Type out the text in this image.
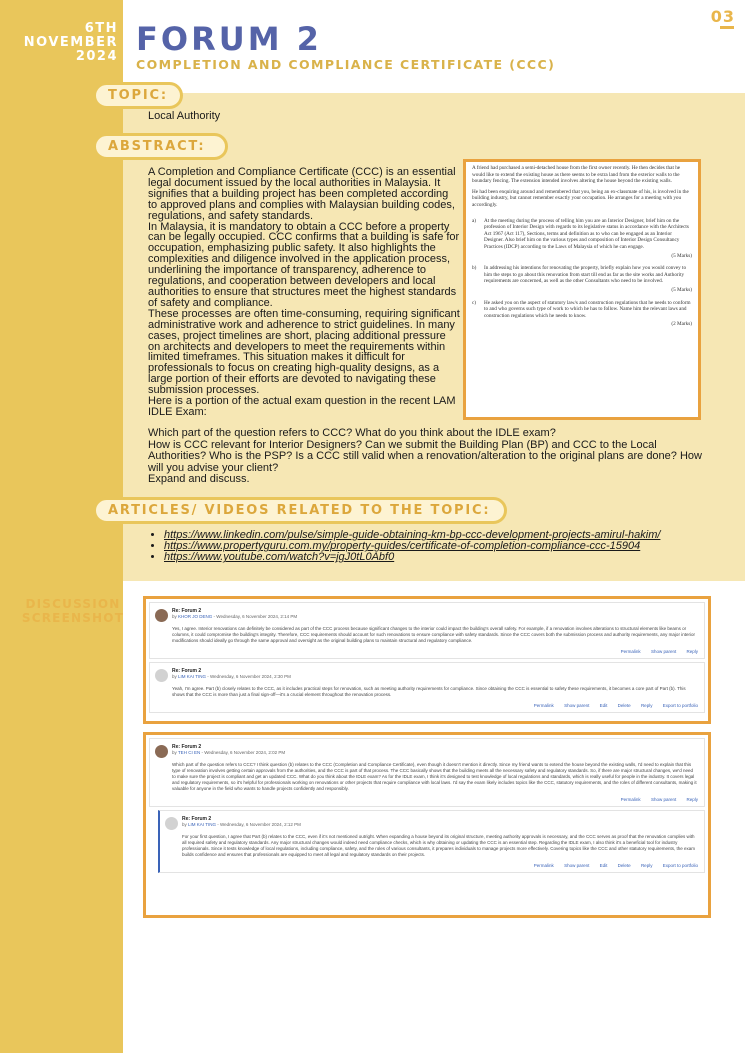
6TH
NOVEMBER
2024
03
FORUM 2
COMPLETION AND COMPLIANCE CERTIFICATE (CCC)
TOPIC:
Local Authority
ABSTRACT:

A Completion and Compliance Certificate (CCC) is an essential legal document issued by the local authorities in Malaysia. It signifies that a building project has been completed according to approved plans and complies with Malaysian building codes, regulations, and safety standards.

In Malaysia, it is mandatory to obtain a CCC before a property can be legally occupied. CCC confirms that a building is safe for occupation, emphasizing public safety. It also highlights the complexities and diligence involved in the application process, underlining the importance of transparency, adherence to regulations, and cooperation between developers and local authorities to ensure that structures meet the highest standards of safety and compliance.

These processes are often time-consuming, requiring significant administrative work and adherence to strict guidelines. In many cases, project timelines are short, placing additional pressure on architects and developers to meet the requirements within limited timeframes. This situation makes it difficult for professionals to focus on creating high-quality designs, as a large portion of their efforts are devoted to navigating these submission processes.

Here is a portion of the actual exam question in the recent LAM IDLE Exam:

A friend had purchased a semi-detached house from the first owner recently. He then decides that he would like to extend the existing house as there seems to be extra land from the exterior walls to the boundary fencing. The extension intended involves altering the house beyond the existing walls.

He had been enquiring around and remembered that you, being an ex-classmate of his, is involved in the building industry, but cannot remember exactly your occupation. He arranges for a meeting with you accordingly.

a)	At the meeting during the process of telling him you are an Interior Designer, brief him on the profession of Interior Design with regards to its legislative status in accordance with the Architects Act 1967 (Act 117), Sections, terms and definition as to who can be engaged as an Interior Designer. Also brief him on the various types and composition of Interior Design Consultancy Practices (IDCP) according to the Laws of Malaysia of which he can engage.
(5 Marks)
b)	In addressing his intentions for renovating the property, briefly explain how you would convey to him the steps to go about this renovation from start till end as far as the site works and Authority requirements are concerned, as well as the other Consultants who need to be involved.
(5 Marks)
c)	He asked you on the aspect of statutory law/s and construction regulations that he needs to conform to and who governs such type of work to which he has to follow. Name him the relevant laws and construction regulations which he needs to know.
(2 Marks)
Which part of the question refers to CCC? What do you think about the IDLE exam?
How is CCC relevant for Interior Designers? Can we submit the Building Plan (BP) and CCC to the Local Authorities? Who is the PSP? Is a CCC still valid when a renovation/alteration to the original plans are done? How will you advise your client?
Expand and discuss.
ARTICLES/ VIDEOS RELATED TO THE TOPIC:
• https://www.linkedin.com/pulse/simple-guide-obtaining-km-bp-ccc-development-projects-amirul-hakim/
• https://www.propertyguru.com.my/property-guides/certificate-of-completion-compliance-ccc-15904
• https://www.youtube.com/watch?v=jgJ0tL0Abf0
DISCUSSION
SCREENSHOT	Re: Forum 2
by KHOR JO DENG - Wednesday, 6 November 2024, 2:14 PM
Yes, I agree. Interior renovations can definitely be considered as part of the CCC process because significant changes to the interior could impact the building's overall safety. For example, if a renovation involves alterations to structural elements like beams or columns, it could compromise the building's integrity. Therefore, CCC requirements should account for such renovations to ensure compliance with safety standards. Since the CCC covers both the submission process and authority requirements, any major interior modifications should ideally go through the same approval and oversight as the original building plans to maintain structural and regulatory compliance.
Permalink Show parent Reply
Re: Forum 2
by LIM KAI TING - Wednesday, 6 November 2024, 2:30 PM
Yeah, I'm agree. Part (b) closely relates to the CCC, as it includes practical steps for renovation, such as meeting authority requirements for compliance. Since obtaining the CCC is essential to safety these requirements, it becomes a core part of Part (b). This shows that the CCC is more than just a final sign-off—it's a crucial element throughout the renovation process.
Permalink Show parent Edit Delete Reply Export to portfolio
Re: Forum 2
by TEH CI EN - Wednesday, 6 November 2024, 2:02 PM
Which part of the question refers to CCC? I think question (b) relates to the CCC (Completion and Compliance Certificate), even though it doesn't mention it directly. Since my friend wants to extend the house beyond the existing walls, I'd need to explain that this type of renovation involves getting certain approvals from the authorities, and the CCC is part of that process. The CCC basically shows that the building meets all the necessary safety and regulatory standards. So, if there are major structural changes, we'd need to make sure the project is compliant and get an updated CCC. What do you think about the IDLE exam? As for the IDLE exam, I think it's designed to test knowledge of local regulations and standards, which is really useful for people in the industry. It covers legal and regulatory requirements, so it's helpful for professionals working on renovations or other projects that require compliance with local laws. I'd say the exam likely includes topics like the CCC, statutory requirements, and the roles of different consultants, making it valuable for anyone in the field who wants to handle projects confidently and responsibly.
Permalink Show parent Reply
Re: Forum 2
by LIM KAI TING - Wednesday, 6 November 2024, 2:12 PM
For your first question, I agree that Part (b) relates to the CCC, even if it's not mentioned outright. When expanding a house beyond its original structure, meeting authority approvals is necessary, and the CCC serves as proof that the renovation complies with all required safety and regulatory standards. Any major structural changes would indeed need compliance checks, which is why obtaining or updating the CCC is an essential step. Regarding the IDLE exam, I also think it's a beneficial tool for industry professionals. Since it tests knowledge of local regulations, including compliance, safety, and the roles of various consultants, it prepares individuals to manage projects more effectively. Covering topics like the CCC and other statutory requirements, the exam builds confidence and ensures that professionals are equipped to meet all legal and regulatory standards on their projects.
Permalink Show parent Edit Delete Reply Export to portfolio
